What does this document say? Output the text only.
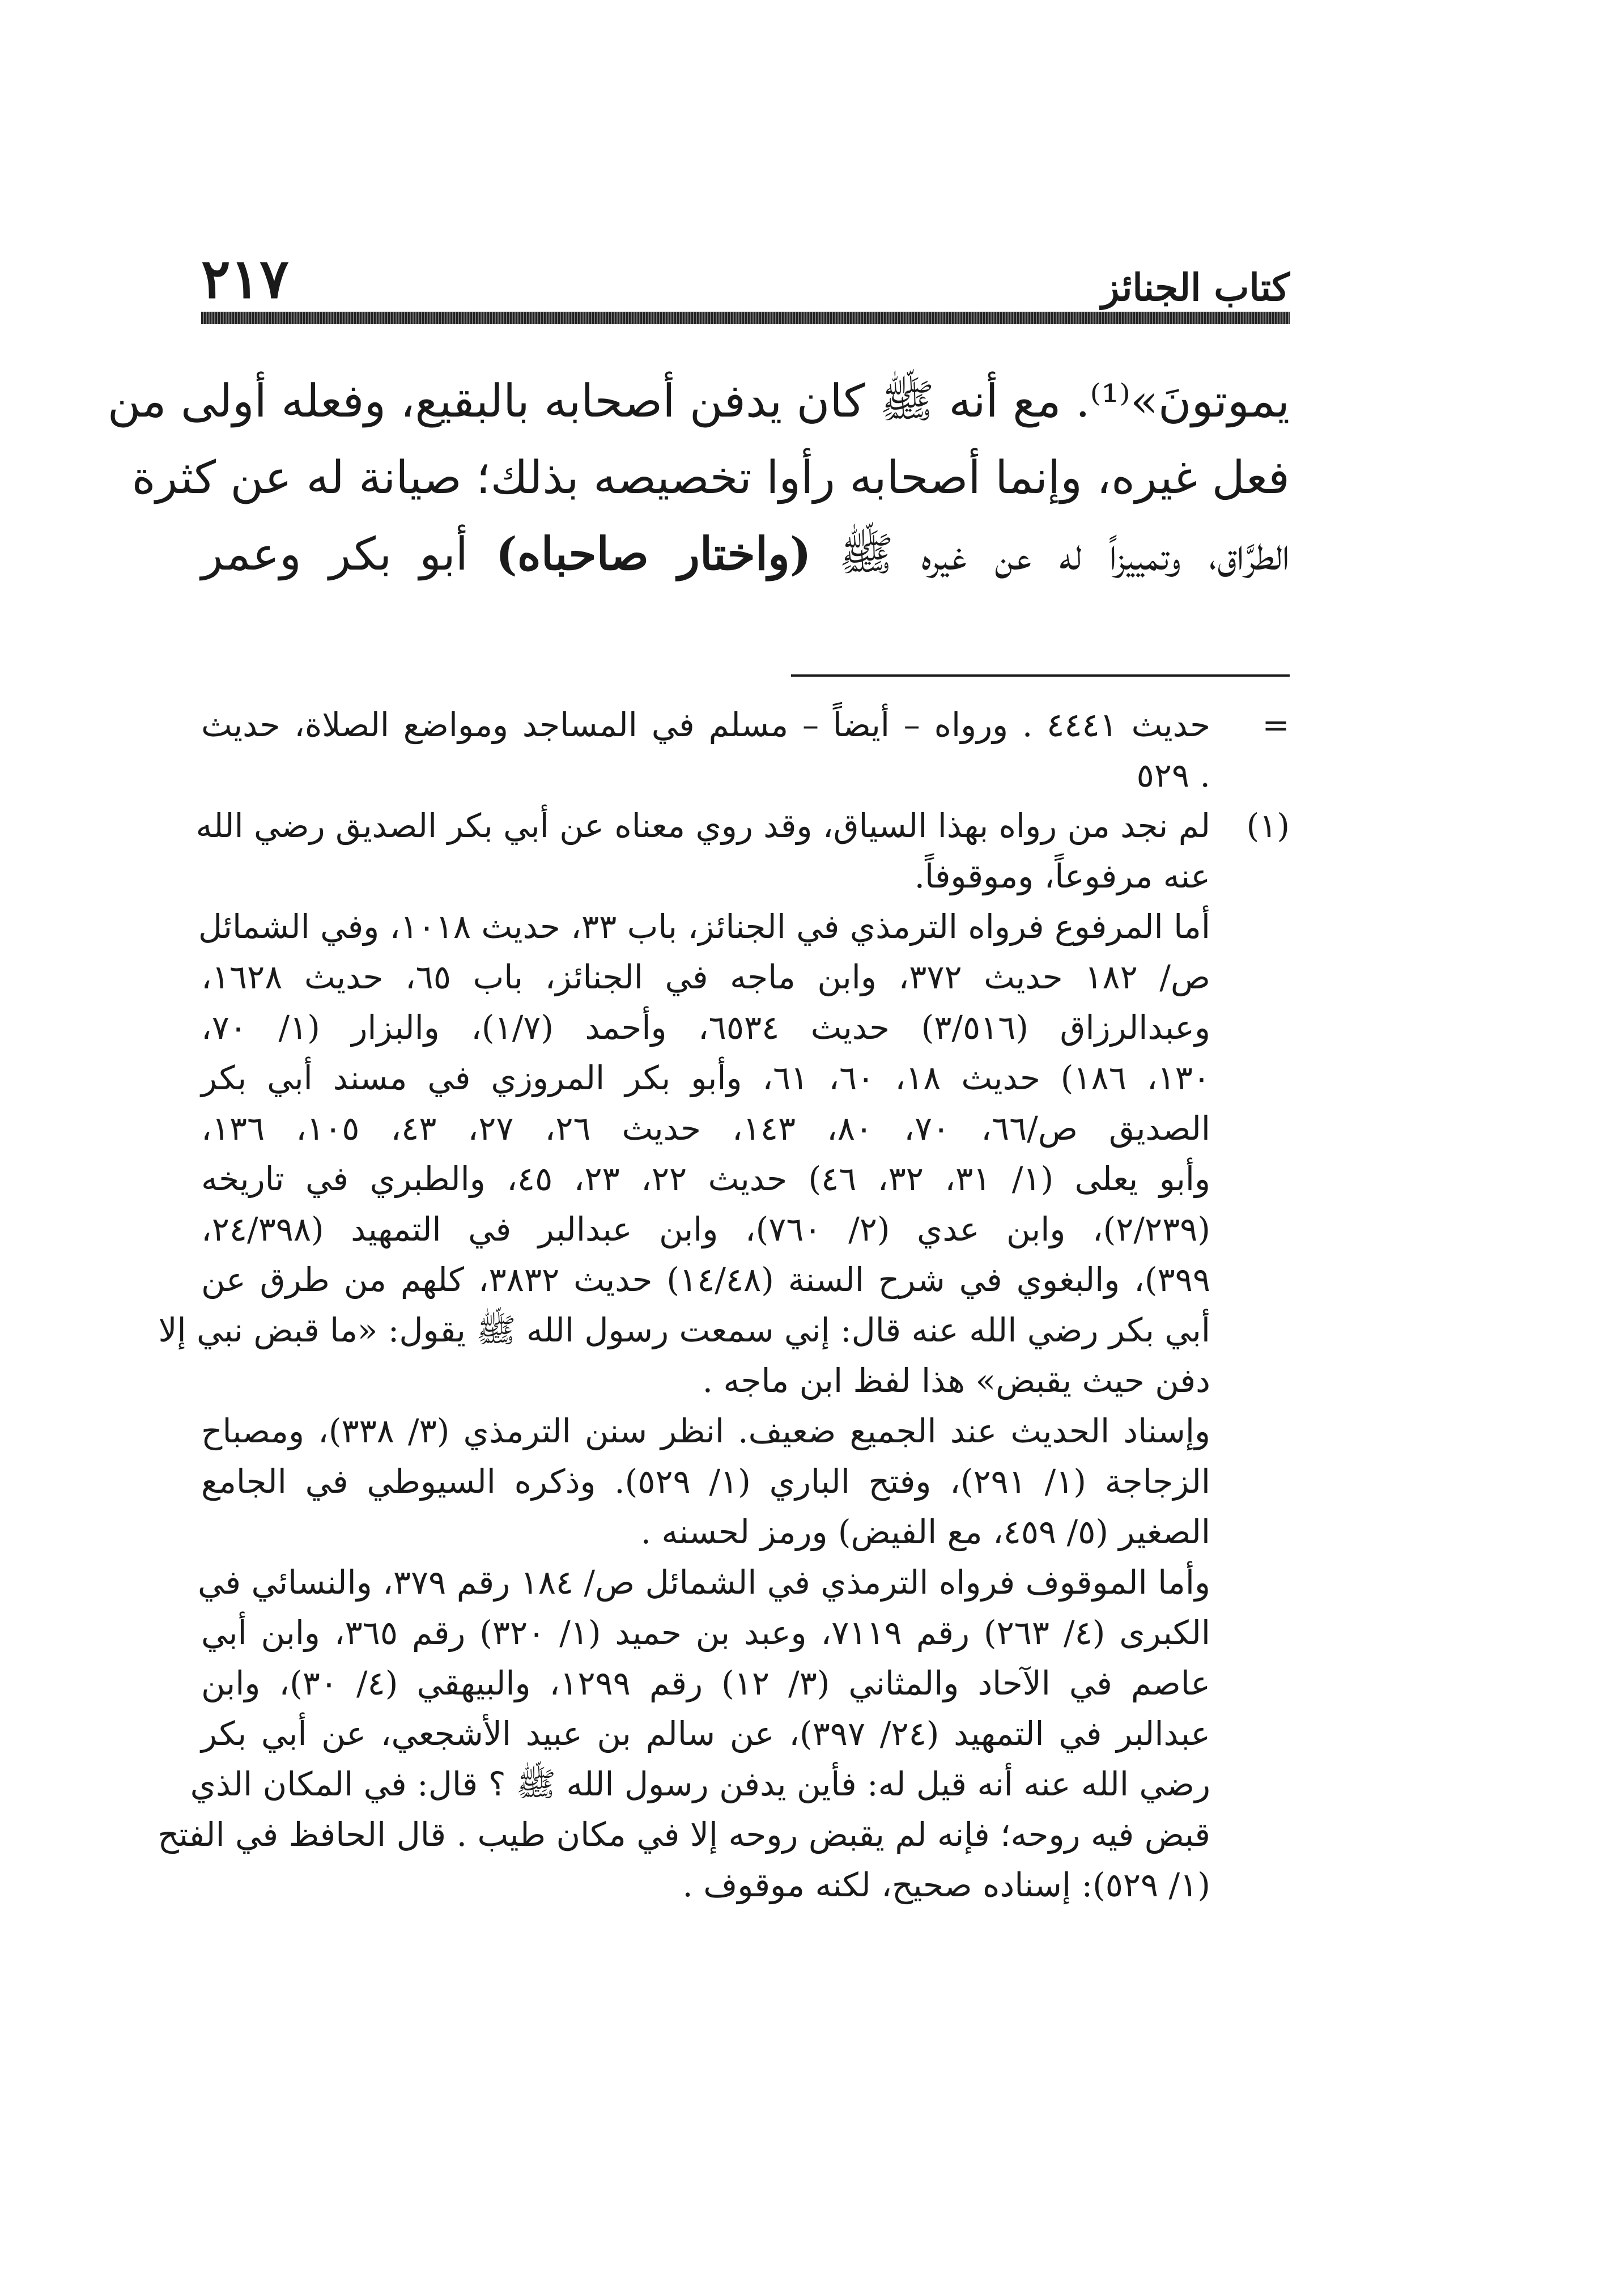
٢١٧	كتاب الجنائز
يموتونَ»⁽¹⁾. مع أنه ﷺ كان يدفن أصحابه بالبقيع، وفعله أولى من
فعل غيره، وإنما أصحابه رأوا تخصيصه بذلك؛ صيانة له عن كثرة
الطرَّاق، وتمييزاً له عن غيره ﷺ (واختار صاحباه) أبو بكر وعمر
=
حديث ٤٤٤١ . ورواه – أيضاً – مسلم في المساجد ومواضع الصلاة، حديث
. ٥٢٩
(١)
لم نجد من رواه بهذا السياق، وقد روي معناه عن أبي بكر الصديق رضي الله
عنه مرفوعاً، وموقوفاً.
أما المرفوع فرواه الترمذي في الجنائز، باب ٣٣، حديث ١٠١٨، وفي الشمائل
ص/ ١٨٢ حديث ٣٧٢، وابن ماجه في الجنائز، باب ٦٥، حديث ١٦٢٨،
وعبدالرزاق (٣/٥١٦) حديث ٦٥٣٤، وأحمد (١/٧)، والبزار (١/ ٧٠،
١٣٠، ١٨٦) حديث ١٨، ٦٠، ٦١، وأبو بكر المروزي في مسند أبي بكر
الصديق ص/٦٦، ٧٠، ٨٠، ١٤٣، حديث ٢٦، ٢٧، ٤٣، ١٠٥، ١٣٦،
وأبو يعلى (١/ ٣١، ٣٢، ٤٦) حديث ٢٢، ٢٣، ٤٥، والطبري في تاريخه
(٢/٢٣٩)، وابن عدي (٢/ ٧٦٠)، وابن عبدالبر في التمهيد (٢٤/٣٩٨،
٣٩٩)، والبغوي في شرح السنة (١٤/٤٨) حديث ٣٨٣٢، كلهم من طرق عن
أبي بكر رضي الله عنه قال: إني سمعت رسول الله ﷺ يقول: «ما قبض نبي إلا
دفن حيث يقبض» هذا لفظ ابن ماجه .
وإسناد الحديث عند الجميع ضعيف. انظر سنن الترمذي (٣/ ٣٣٨)، ومصباح
الزجاجة (١/ ٢٩١)، وفتح الباري (١/ ٥٢٩). وذكره السيوطي في الجامع
الصغير (٥/ ٤٥٩، مع الفيض) ورمز لحسنه .
وأما الموقوف فرواه الترمذي في الشمائل ص/ ١٨٤ رقم ٣٧٩، والنسائي في
الكبرى (٤/ ٢٦٣) رقم ٧١١٩، وعبد بن حميد (١/ ٣٢٠) رقم ٣٦٥، وابن أبي
عاصم في الآحاد والمثاني (٣/ ١٢) رقم ١٢٩٩، والبيهقي (٤/ ٣٠)، وابن
عبدالبر في التمهيد (٢٤/ ٣٩٧)، عن سالم بن عبيد الأشجعي، عن أبي بكر
رضي الله عنه أنه قيل له: فأين يدفن رسول الله ﷺ ؟ قال: في المكان الذي
قبض فيه روحه؛ فإنه لم يقبض روحه إلا في مكان طيب . قال الحافظ في الفتح
(١/ ٥٢٩): إسناده صحيح، لكنه موقوف .
